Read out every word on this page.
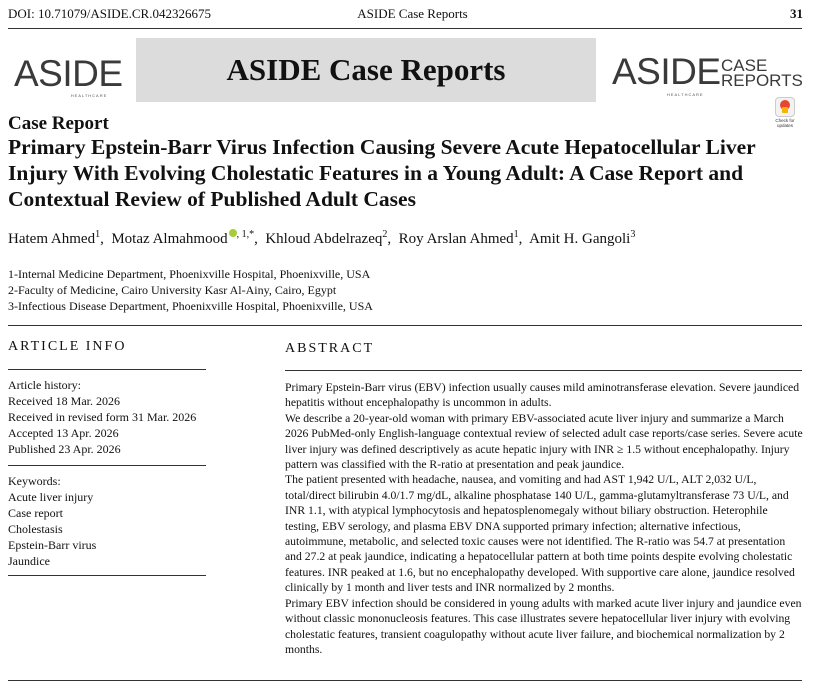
DOI: 10.71079/ASIDE.CR.042326675	ASIDE Case Reports	31
ASIDE
HEALTHCARE
ASIDE Case Reports	ASIDE CASE
REPORTS
HEALTHCARE
Check for
updates
Case Report
Primary Epstein-Barr Virus Infection Causing Severe Acute Hepatocellular Liver Injury With Evolving Cholestatic Features in a Young Adult: A Case Report and Contextual Review of Published Adult Cases
Hatem Ahmed$^1$,  Motaz Almahmood $^{, 1,*}$,  Khloud Abdelrazeq$^2$,  Roy Arslan Ahmed$^1$,  Amit H. Gangoli$^3$
1-Internal Medicine Department, Phoenixville Hospital, Phoenixville, USA
2-Faculty of Medicine, Cairo University Kasr Al-Ainy, Cairo, Egypt
3-Infectious Disease Department, Phoenixville Hospital, Phoenixville, USA
ARTICLE INFO
Article history:
Received 18 Mar. 2026
Received in revised form 31 Mar. 2026
Accepted 13 Apr. 2026
Published 23 Apr. 2026
Keywords:
Acute liver injury
Case report
Cholestasis
Epstein-Barr virus
Jaundice
ABSTRACT

Primary Epstein-Barr virus (EBV) infection usually causes mild aminotransferase elevation. Severe jaundiced hepatitis without encephalopathy is uncommon in adults.

We describe a 20-year-old woman with primary EBV-associated acute liver injury and summarize a March 2026 PubMed-only English-language contextual review of selected adult case reports/case series. Severe acute liver injury was defined descriptively as acute hepatic injury with INR ≥ 1.5 without encephalopathy. Injury pattern was classified with the R-ratio at presentation and peak jaundice.

The patient presented with headache, nausea, and vomiting and had AST 1,942 U/L, ALT 2,032 U/L, total/direct bilirubin 4.0/1.7 mg/dL, alkaline phosphatase 140 U/L, gamma-glutamyltransferase 73 U/L, and INR 1.1, with atypical lymphocytosis and hepatosplenomegaly without biliary obstruction. Heterophile testing, EBV serology, and plasma EBV DNA supported primary infection; alternative infectious, autoimmune, metabolic, and selected toxic causes were not identified. The R-ratio was 54.7 at presentation and 27.2 at peak jaundice, indicating a hepatocellular pattern at both time points despite evolving cholestatic features. INR peaked at 1.6, but no encephalopathy developed. With supportive care alone, jaundice resolved clinically by 1 month and liver tests and INR normalized by 2 months.

Primary EBV infection should be considered in young adults with marked acute liver injury and jaundice even without classic mononucleosis features. This case illustrates severe hepatocellular liver injury with evolving cholestatic features, transient coagulopathy without acute liver failure, and biochemical normalization by 2 months.
